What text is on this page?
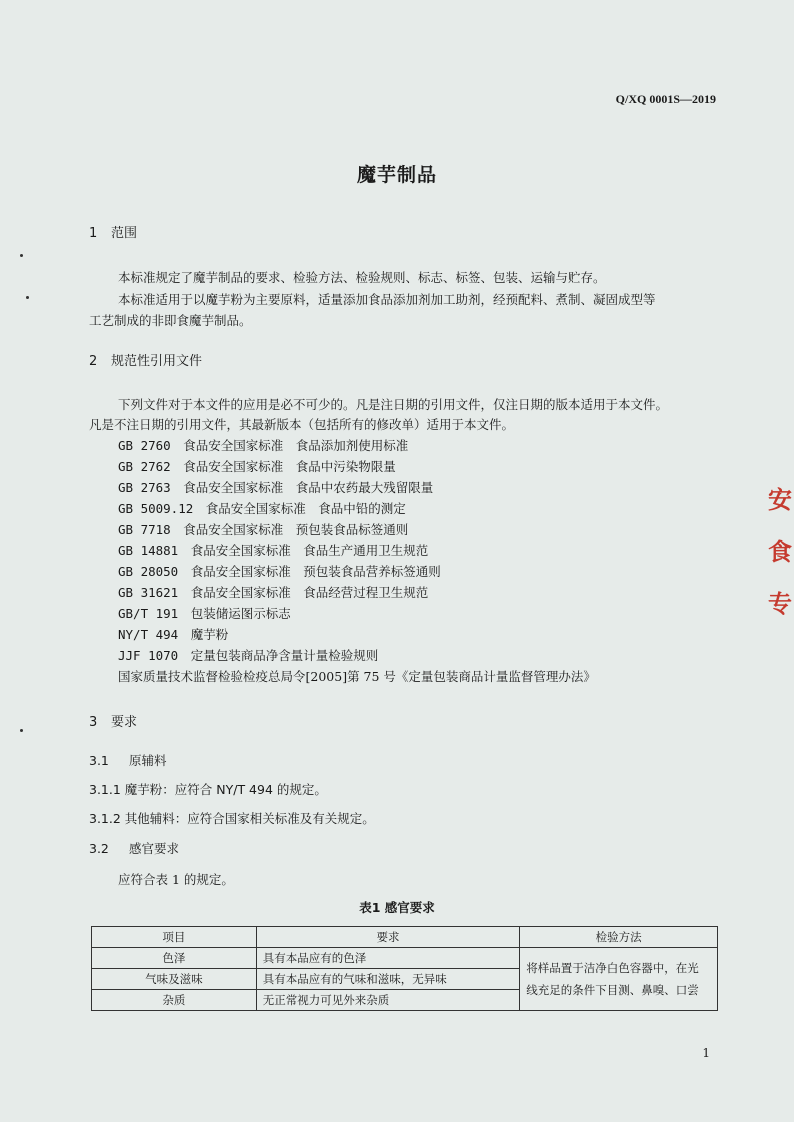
Q/XQ 0001S—2019
魔芋制品
1 范围
本标准规定了魔芋制品的要求、检验方法、检验规则、标志、标签、包装、运输与贮存。
本标准适用于以魔芋粉为主要原料，适量添加食品添加剂加工助剂，经预配料、煮制、凝固成型等
工艺制成的非即食魔芋制品。
2 规范性引用文件
下列文件对于本文件的应用是必不可少的。凡是注日期的引用文件，仅注日期的版本适用于本文件。
凡是不注日期的引用文件，其最新版本（包括所有的修改单）适用于本文件。
GB 2760　 食品安全国家标准　食品添加剂使用标准
GB 2762　 食品安全国家标准　食品中污染物限量
GB 2763　 食品安全国家标准　食品中农药最大残留限量
GB 5009.12　 食品安全国家标准　食品中铅的测定
GB 7718　 食品安全国家标准　预包装食品标签通则
GB 14881　 食品安全国家标准　食品生产通用卫生规范
GB 28050　 食品安全国家标准　预包装食品营养标签通则
GB 31621　 食品安全国家标准　食品经营过程卫生规范
GB/T 191　 包装储运图示标志
NY/T 494　 魔芋粉
JJF 1070　 定量包装商品净含量计量检验规则
国家质量技术监督检验检疫总局令[2005]第 75 号《定量包装商品计量监督管理办法》
3 要求
3.1 原辅料
3.1.1 魔芋粉：应符合 NY/T 494 的规定。
3.1.2 其他辅料：应符合国家相关标准及有关规定。
3.2 感官要求
应符合表 1 的规定。
表1 感官要求
项目	要求	检验方法
色泽	具有本品应有的色泽	将样品置于洁净白色容器中，在光
线充足的条件下目测、鼻嗅、口尝
气味及滋味	具有本品应有的气味和滋味，无异味	
杂质	无正常视力可见外来杂质	
1
安
食
专
